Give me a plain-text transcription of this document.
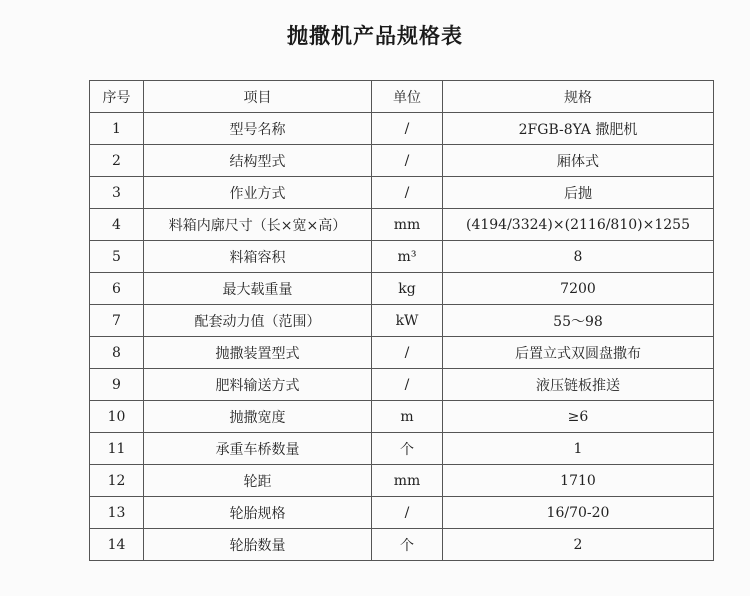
抛撒机产品规格表
序号	项目	单位	规格
1	型号名称	/	2FGB-8YA 撒肥机
2	结构型式	/	厢体式
3	作业方式	/	后抛
4	料箱内廓尺寸（长×宽×高）	mm	(4194/3324)×(2116/810)×1255
5	料箱容积	m³	8
6	最大载重量	kg	7200
7	配套动力值（范围）	kW	55～98
8	抛撒装置型式	/	后置立式双圆盘撒布
9	肥料输送方式	/	液压链板推送
10	抛撒宽度	m	≥6
11	承重车桥数量	个	1
12	轮距	mm	1710
13	轮胎规格	/	16/70-20
14	轮胎数量	个	2
